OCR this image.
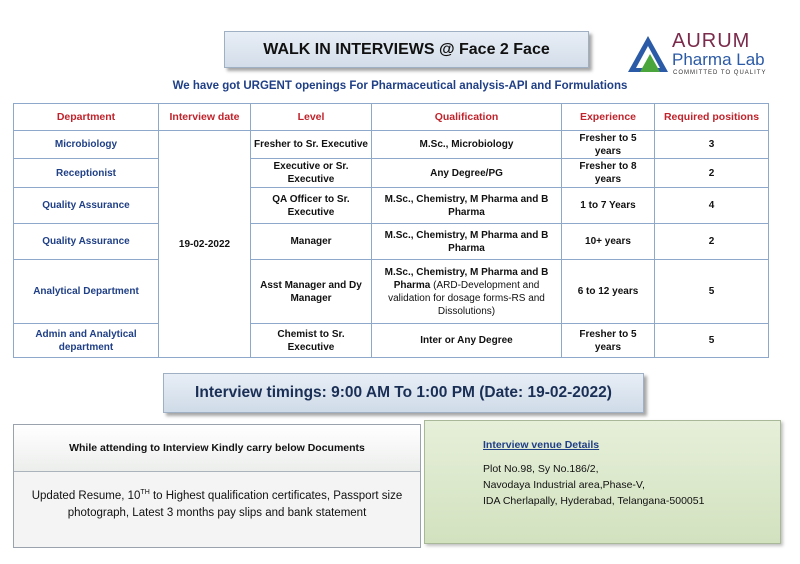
WALK IN INTERVIEWS @ Face 2 Face	AURUM
Pharma Lab
COMMITTED TO QUALITY
We have got URGENT openings For Pharmaceutical analysis-API and Formulations
Department	Interview date	Level	Qualification	Experience	Required positions
Microbiology	19-02-2022	Fresher to Sr. Executive	M.Sc., Microbiology	Fresher to 5 years	3
Receptionist		Executive or Sr. Executive	Any Degree/PG	Fresher to 8 years	2
Quality Assurance		QA Officer to Sr. Executive	M.Sc., Chemistry, M Pharma and B Pharma	1 to 7 Years	4
Quality Assurance		Manager	M.Sc., Chemistry, M Pharma and B Pharma	10+ years	2
Analytical Department		Asst Manager and Dy Manager	M.Sc., Chemistry, M Pharma and B Pharma (ARD-Development and validation for dosage forms-RS and Dissolutions)	6 to 12 years	5
Admin and Analytical department		Chemist to Sr. Executive	Inter or Any Degree	Fresher to 5 years	5
Interview timings: 9:00 AM To 1:00 PM (Date: 19-02-2022)
While attending to Interview Kindly carry below Documents
Updated Resume, 10TH to Highest qualification certificates, Passport size photograph, Latest 3 months pay slips and bank statement
Interview venue Details
Plot No.98, Sy No.186/2,
Navodaya Industrial area,Phase-V,
IDA Cherlapally, Hyderabad, Telangana-500051
